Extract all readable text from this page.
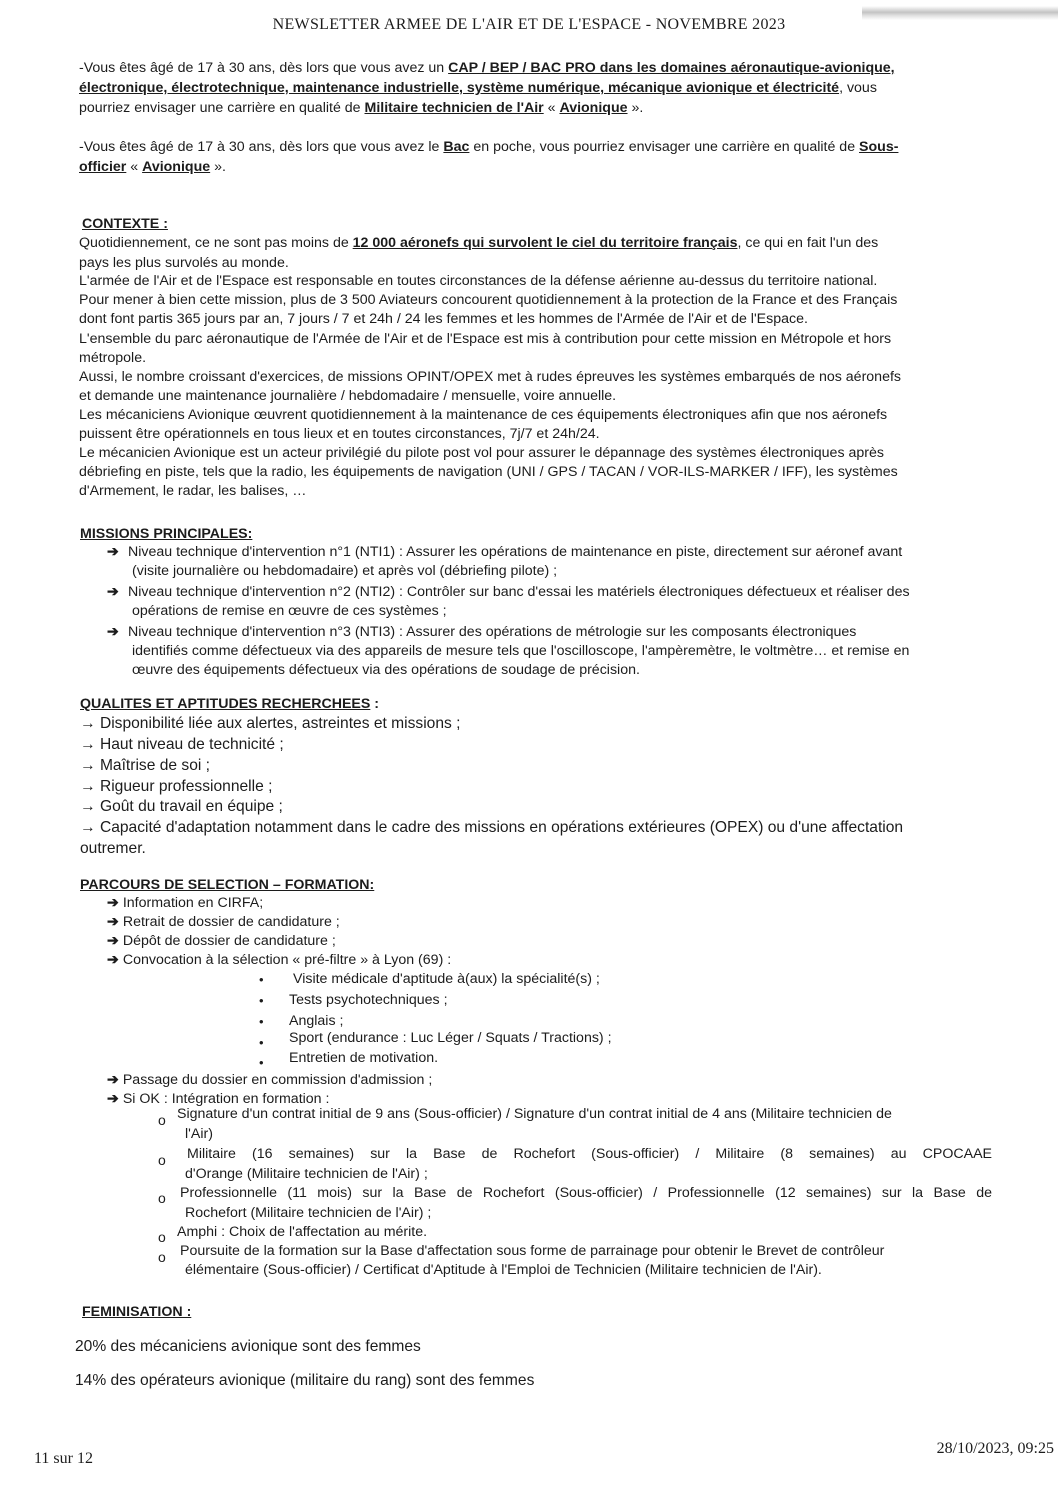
NEWSLETTER ARMEE DE L'AIR ET DE L'ESPACE - NOVEMBRE 2023
-Vous êtes âgé de 17 à 30 ans, dès lors que vous avez un CAP / BEP / BAC PRO dans les domaines aéronautique-avionique,
électronique, électrotechnique, maintenance industrielle, système numérique, mécanique avionique et électricité, vous
pourriez envisager une carrière en qualité de Militaire technicien de l'Air « Avionique ».
-Vous êtes âgé de 17 à 30 ans, dès lors que vous avez le Bac en poche, vous pourriez envisager une carrière en qualité de Sous-
officier « Avionique ».
CONTEXTE :
Quotidiennement, ce ne sont pas moins de 12 000 aéronefs qui survolent le ciel du territoire français, ce qui en fait l'un des
pays les plus survolés au monde.
L'armée de l'Air et de l'Espace est responsable en toutes circonstances de la défense aérienne au-dessus du territoire national.
Pour mener à bien cette mission, plus de 3 500 Aviateurs concourent quotidiennement à la protection de la France et des Français
dont font partis 365 jours par an, 7 jours / 7 et 24h / 24 les femmes et les hommes de l'Armée de l'Air et de l'Espace.
L'ensemble du parc aéronautique de l'Armée de l'Air et de l'Espace est mis à contribution pour cette mission en Métropole et hors
métropole.
Aussi, le nombre croissant d'exercices, de missions OPINT/OPEX met à rudes épreuves les systèmes embarqués de nos aéronefs
et demande une maintenance journalière / hebdomadaire / mensuelle, voire annuelle.
Les mécaniciens Avionique œuvrent quotidiennement à la maintenance de ces équipements électroniques afin que nos aéronefs
puissent être opérationnels en tous lieux et en toutes circonstances, 7j/7 et 24h/24.
Le mécanicien Avionique est un acteur privilégié du pilote post vol pour assurer le dépannage des systèmes électroniques après
débriefing en piste, tels que la radio, les équipements de navigation (UNI / GPS / TACAN / VOR-ILS-MARKER / IFF), les systèmes
d'Armement, le radar, les balises, …
MISSIONS PRINCIPALES:
➔ Niveau technique d'intervention n°1 (NTI1) : Assurer les opérations de maintenance en piste, directement sur aéronef avant
(visite journalière ou hebdomadaire) et après vol (débriefing pilote) ;
➔ Niveau technique d'intervention n°2 (NTI2) : Contrôler sur banc d'essai les matériels électroniques défectueux et réaliser des
opérations de remise en œuvre de ces systèmes ;
➔ Niveau technique d'intervention n°3 (NTI3) : Assurer des opérations de métrologie sur les composants électroniques
identifiés comme défectueux via des appareils de mesure tels que l'oscilloscope, l'ampèremètre, le voltmètre… et remise en
œuvre des équipements défectueux via des opérations de soudage de précision.
QUALITES ET APTITUDES RECHERCHEES :
→ Disponibilité liée aux alertes, astreintes et missions ;
→ Haut niveau de technicité ;
→ Maîtrise de soi ;
→ Rigueur professionnelle ;
→ Goût du travail en équipe ;
→ Capacité d'adaptation notamment dans le cadre des missions en opérations extérieures (OPEX) ou d'une affectation
outremer.
PARCOURS DE SELECTION – FORMATION:
➔ Information en CIRFA;
➔ Retrait de dossier de candidature ;
➔ Dépôt de dossier de candidature ;
➔ Convocation à la sélection « pré-filtre » à Lyon (69) :
• Visite médicale d'aptitude à(aux) la spécialité(s) ;
• Tests psychotechniques ;
• Anglais ;
• Sport (endurance : Luc Léger / Squats / Tractions) ;
• Entretien de motivation.
➔ Passage du dossier en commission d'admission ;
➔ Si OK : Intégration en formation :
o Signature d'un contrat initial de 9 ans (Sous-officier) / Signature d'un contrat initial de 4 ans (Militaire technicien de
l'Air)
o Militaire (16 semaines) sur la Base de Rochefort (Sous-officier) / Militaire (8 semaines) au CPOCAAE
d'Orange (Militaire technicien de l'Air) ;
o Professionnelle (11 mois) sur la Base de Rochefort (Sous-officier) / Professionnelle (12 semaines) sur la Base de
Rochefort (Militaire technicien de l'Air) ;
o Amphi : Choix de l'affectation au mérite.
o Poursuite de la formation sur la Base d'affectation sous forme de parrainage pour obtenir le Brevet de contrôleur
élémentaire (Sous-officier) / Certificat d'Aptitude à l'Emploi de Technicien (Militaire technicien de l'Air).
FEMINISATION :
20% des mécaniciens avionique sont des femmes
14% des opérateurs avionique (militaire du rang) sont des femmes
11 sur 12
28/10/2023, 09:25
